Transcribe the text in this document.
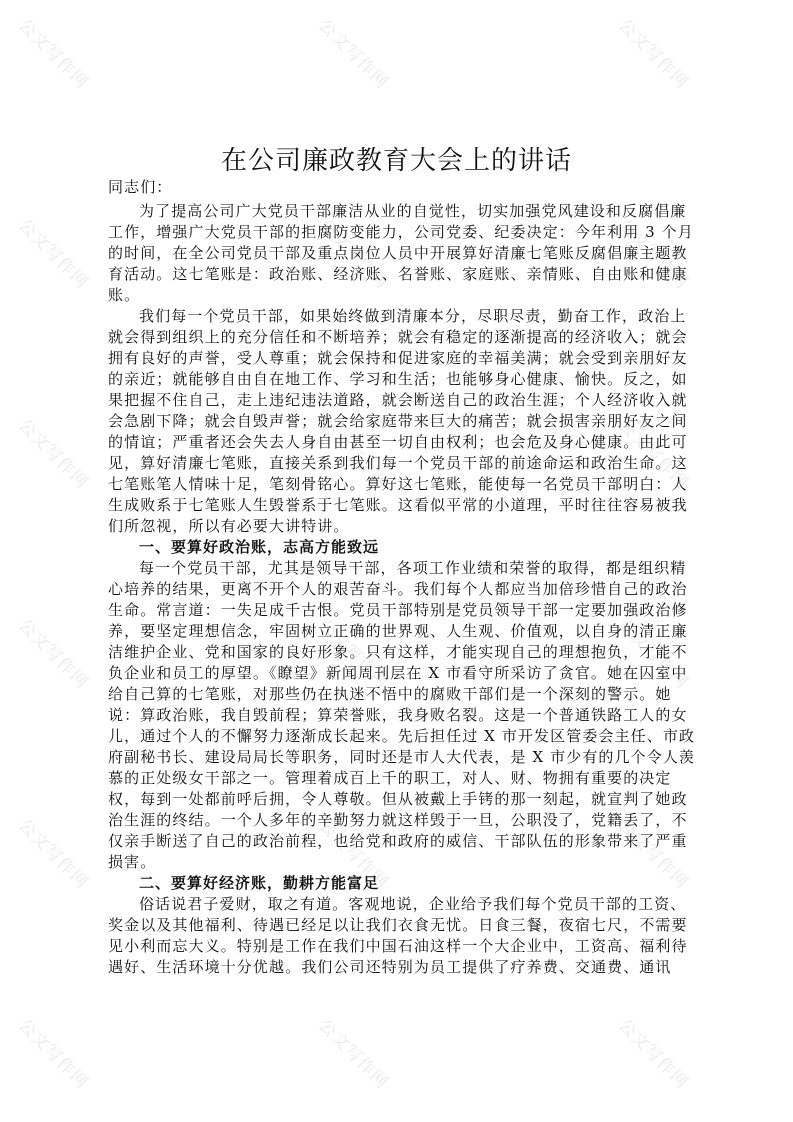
公文写作网	公文写作网	公文写作网
公文写作网	公文写作网	公文写作网
公文写作网	公文写作网	公文写作网
公文写作网	公文写作网	公文写作网
公文写作网	公文写作网	公文写作网
公文写作网	公文写作网	公文写作网
在公司廉政教育大会上的讲话
同志们：
为了提高公司广大党员干部廉洁从业的自觉性，切实加强党风建设和反腐倡廉
工作，增强广大党员干部的拒腐防变能力，公司党委、纪委决定：今年利用 3 个月
的时间，在全公司党员干部及重点岗位人员中开展算好清廉七笔账反腐倡廉主题教
育活动。这七笔账是：政治账、经济账、名誉账、家庭账、亲情账、自由账和健康
账。
我们每一个党员干部，如果始终做到清廉本分，尽职尽责，勤奋工作，政治上
就会得到组织上的充分信任和不断培养；就会有稳定的逐渐提高的经济收入；就会
拥有良好的声誉，受人尊重；就会保持和促进家庭的幸福美满；就会受到亲朋好友
的亲近；就能够自由自在地工作、学习和生活；也能够身心健康、愉快。反之，如
果把握不住自己，走上违纪违法道路，就会断送自己的政治生涯；个人经济收入就
会急剧下降；就会自毁声誉；就会给家庭带来巨大的痛苦；就会损害亲朋好友之间
的情谊；严重者还会失去人身自由甚至一切自由权利；也会危及身心健康。由此可
见，算好清廉七笔账，直接关系到我们每一个党员干部的前途命运和政治生命。这
七笔账笔人情味十足，笔刻骨铭心。算好这七笔账，能使每一名党员干部明白：人
生成败系于七笔账人生毁誉系于七笔账。这看似平常的小道理，平时往往容易被我
们所忽视，所以有必要大讲特讲。
一、要算好政治账，志高方能致远
每一个党员干部，尤其是领导干部，各项工作业绩和荣誉的取得，都是组织精
心培养的结果，更离不开个人的艰苦奋斗。我们每个人都应当加倍珍惜自己的政治
生命。常言道：一失足成千古恨。党员干部特别是党员领导干部一定要加强政治修
养，要坚定理想信念，牢固树立正确的世界观、人生观、价值观，以自身的清正廉
洁维护企业、党和国家的良好形象。只有这样，才能实现自己的理想抱负，才能不
负企业和员工的厚望。《瞭望》新闻周刊层在 X 市看守所采访了贪官。她在囚室中
给自己算的七笔账，对那些仍在执迷不悟中的腐败干部们是一个深刻的警示。她
说：算政治账，我自毁前程；算荣誉账，我身败名裂。这是一个普通铁路工人的女
儿，通过个人的不懈努力逐渐成长起来。先后担任过 X 市开发区管委会主任、市政
府副秘书长、建设局局长等职务，同时还是市人大代表，是 X 市少有的几个令人羡
慕的正处级女干部之一。管理着成百上千的职工，对人、财、物拥有重要的决定
权，每到一处都前呼后拥，令人尊敬。但从被戴上手铐的那一刻起，就宣判了她政
治生涯的终结。一个人多年的辛勤努力就这样毁于一旦，公职没了，党籍丢了，不
仅亲手断送了自己的政治前程，也给党和政府的威信、干部队伍的形象带来了严重
损害。
二、要算好经济账，勤耕方能富足
俗话说君子爱财，取之有道。客观地说，企业给予我们每个党员干部的工资、
奖金以及其他福利、待遇已经足以让我们衣食无忧。日食三餐，夜宿七尺，不需要
见小利而忘大义。特别是工作在我们中国石油这样一个大企业中，工资高、福利待
遇好、生活环境十分优越。我们公司还特别为员工提供了疗养费、交通费、通讯
